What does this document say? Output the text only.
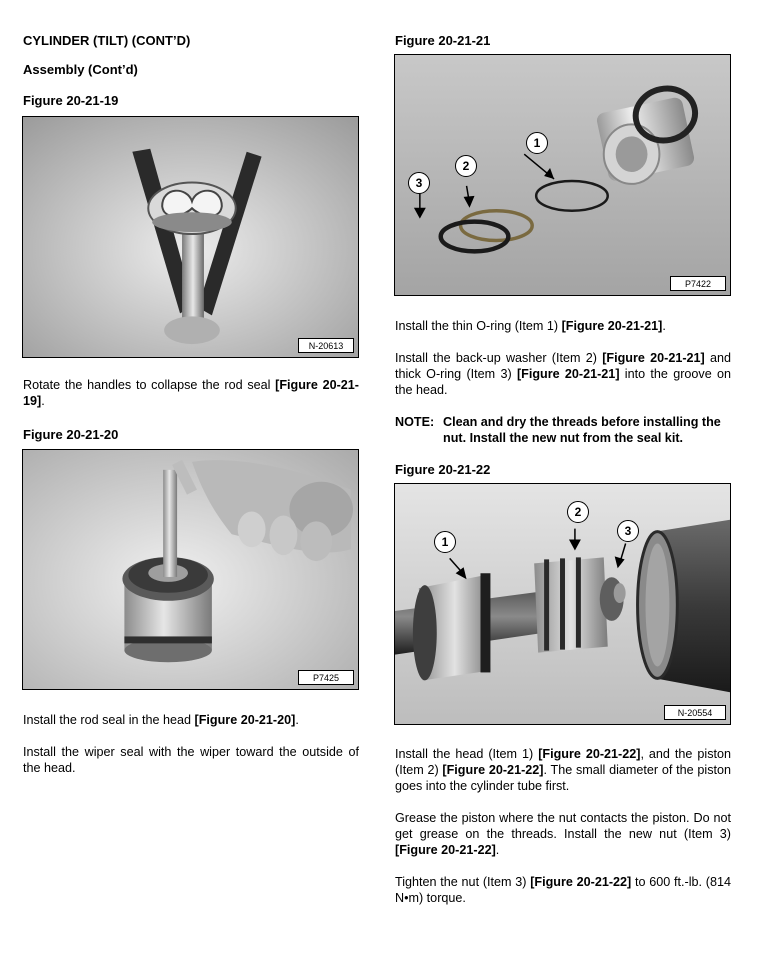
CYLINDER (TILT) (CONT’D)
Assembly (Cont’d)
Figure 20-21-19
N-20613
Rotate the handles to collapse the rod seal [Figure 20-21-19].
Figure 20-21-20
P7425
Install the rod seal in the head [Figure 20-21-20].
Install the wiper seal with the wiper toward the outside of the head.
Figure 20-21-21
1
2
3
P7422
Install the thin O-ring (Item 1) [Figure 20-21-21].
Install the back-up washer (Item 2) [Figure 20-21-21] and thick O-ring (Item 3) [Figure 20-21-21] into the groove on the head.
NOTE: Clean and dry the threads before installing the nut. Install the new nut from the seal kit.
Figure 20-21-22
1
2
3
N-20554
Install the head (Item 1) [Figure 20-21-22], and the piston (Item 2) [Figure 20-21-22]. The small diameter of the piston goes into the cylinder tube first.
Grease the piston where the nut contacts the piston. Do not get grease on the threads. Install the new nut (Item 3) [Figure 20-21-22].
Tighten the nut (Item 3) [Figure 20-21-22] to 600 ft.-lb. (814 N•m) torque.
